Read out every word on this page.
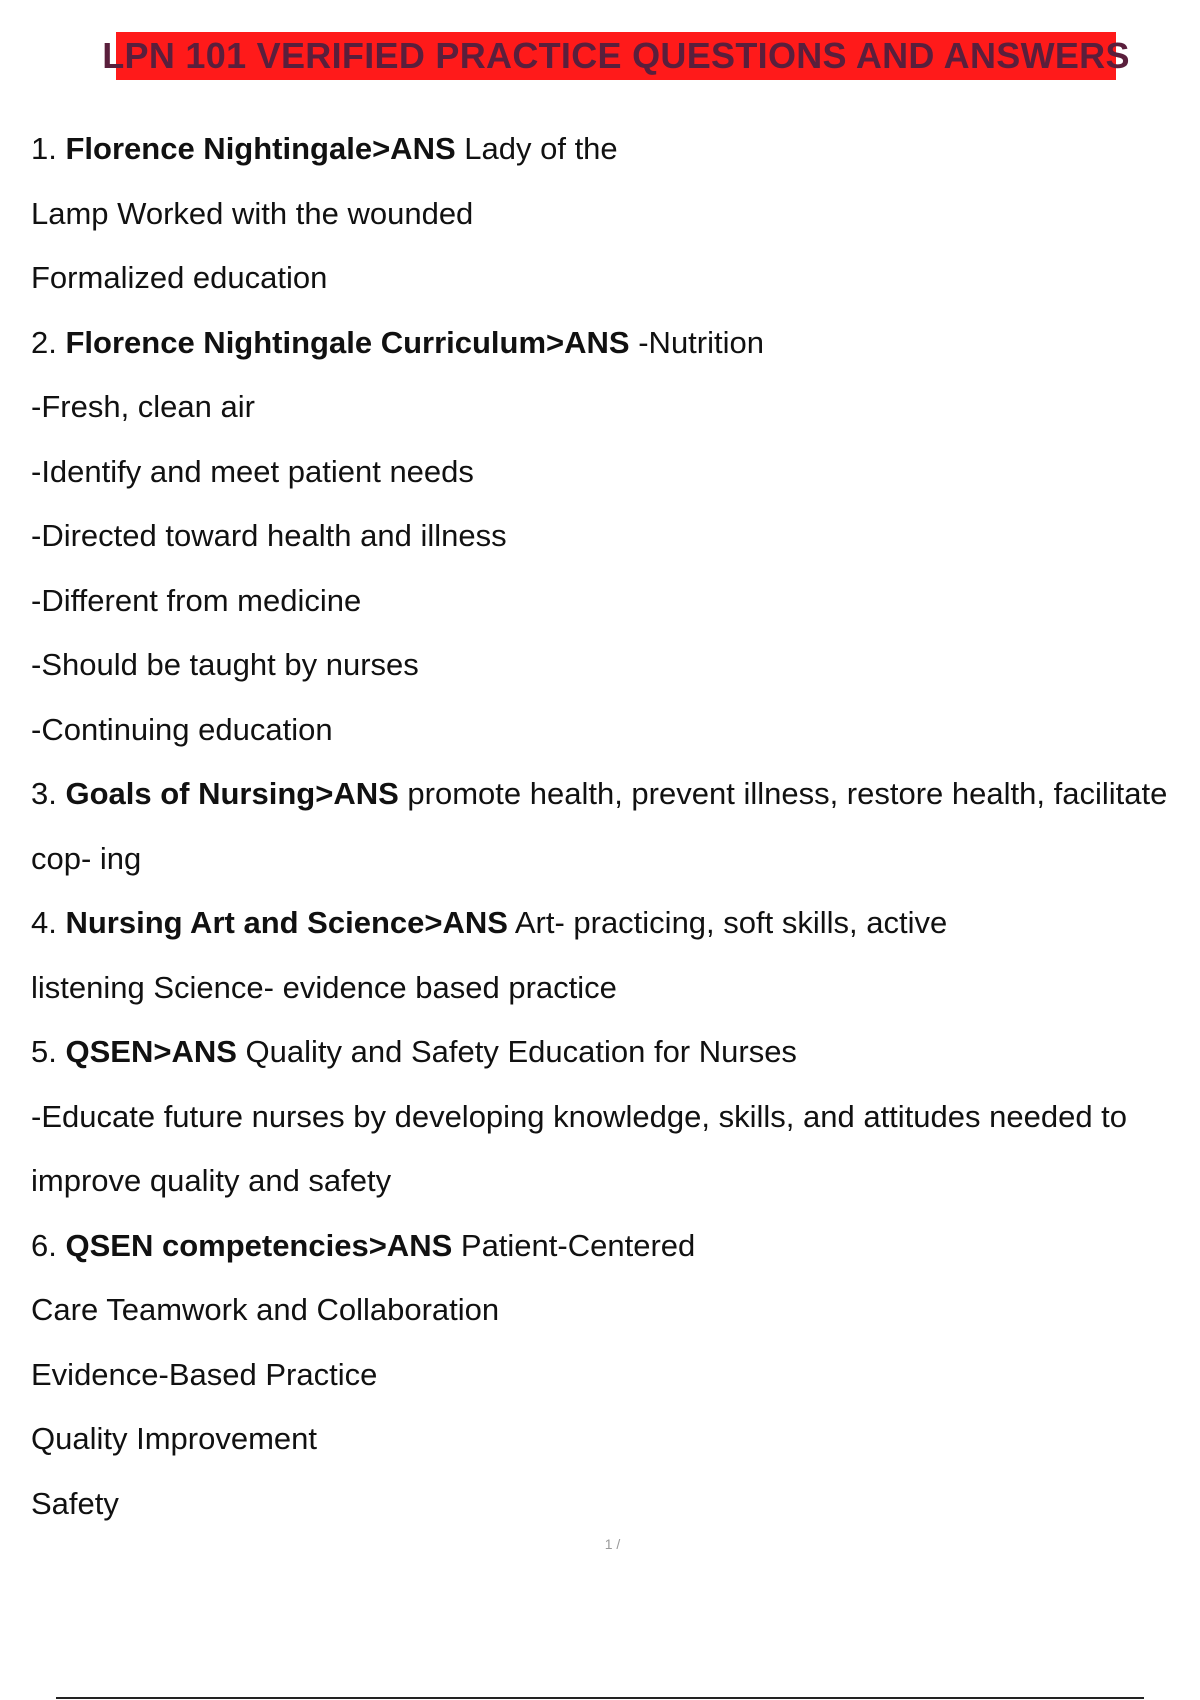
LPN 101 VERIFIED PRACTICE QUESTIONS AND ANSWERS
1. Florence Nightingale>ANS Lady of the
Lamp Worked with the wounded
Formalized education
2. Florence Nightingale Curriculum>ANS -Nutrition
-Fresh, clean air
-Identify and meet patient needs
-Directed toward health and illness
-Different from medicine
-Should be taught by nurses
-Continuing education
3. Goals of Nursing>ANS promote health, prevent illness, restore health, facilitate
cop- ing
4. Nursing Art and Science>ANS Art- practicing, soft skills, active
listening Science- evidence based practice
5. QSEN>ANS Quality and Safety Education for Nurses
-Educate future nurses by developing knowledge, skills, and attitudes needed to
improve quality and safety
6. QSEN competencies>ANS Patient-Centered
Care Teamwork and Collaboration
Evidence-Based Practice
Quality Improvement
Safety
1 /
